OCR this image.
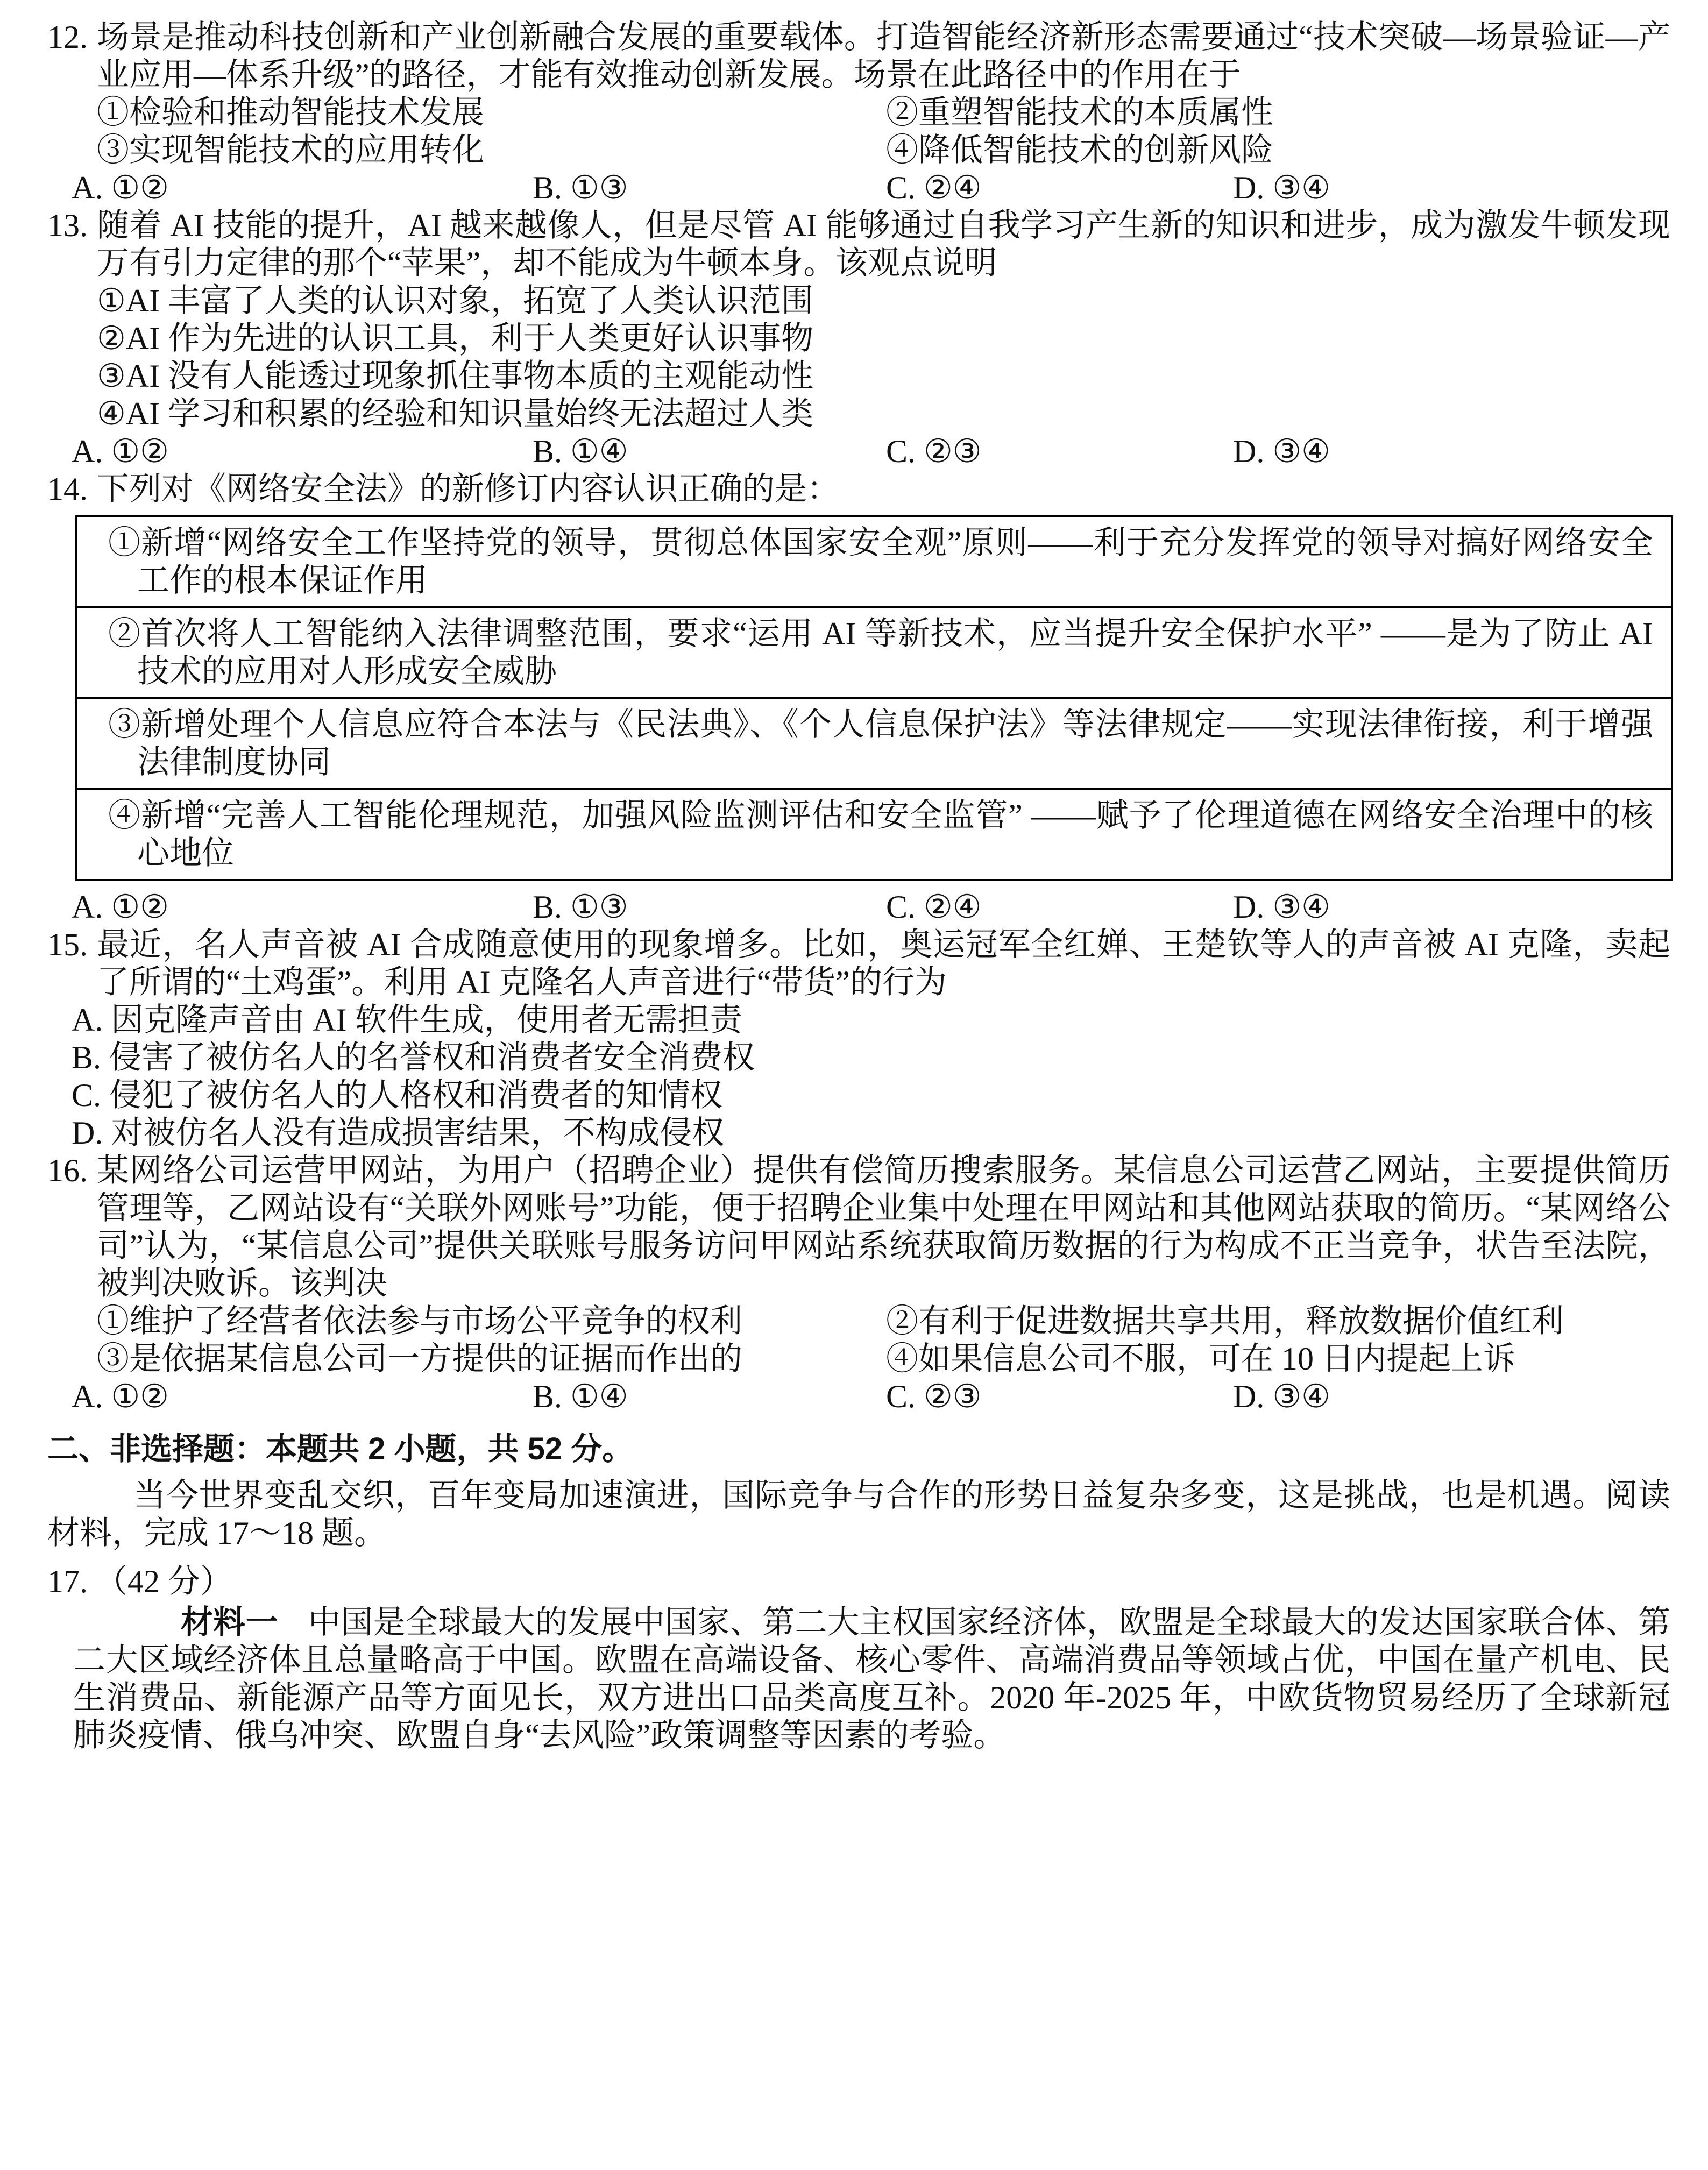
12. 场景是推动科技创新和产业创新融合发展的重要载体。打造智能经济新形态需要通过“技术突破—场景验证—产业应用—体系升级”的路径，才能有效推动创新发展。场景在此路径中的作用在于

①检验和推动智能技术发展	②重塑智能技术的本质属性
③实现智能技术的应用转化	④降低智能技术的创新风险
A. ①②	B. ①③	C. ②④	D. ③④
13. 随着 AI 技能的提升，AI 越来越像人，但是尽管 AI 能够通过自我学习产生新的知识和进步，成为激发牛顿发现万有引力定律的那个“苹果”，却不能成为牛顿本身。该观点说明

①AI 丰富了人类的认识对象，拓宽了人类认识范围
②AI 作为先进的认识工具，利于人类更好认识事物
③AI 没有人能透过现象抓住事物本质的主观能动性
④AI 学习和积累的经验和知识量始终无法超过人类
A. ①②	B. ①④	C. ②③	D. ③④
14. 下列对《网络安全法》的新修订内容认识正确的是：

①新增“网络安全工作坚持党的领导，贯彻总体国家安全观”原则——利于充分发挥党的领导对搞好网络安全工作的根本保证作用
②首次将人工智能纳入法律调整范围，要求“运用 AI 等新技术，应当提升安全保护水平” ——是为了防止 AI 技术的应用对人形成安全威胁
③新增处理个人信息应符合本法与《民法典》、《个人信息保护法》等法律规定——实现法律衔接，利于增强法律制度协同
④新增“完善人工智能伦理规范，加强风险监测评估和安全监管” ——赋予了伦理道德在网络安全治理中的核心地位
A. ①②	B. ①③	C. ②④	D. ③④
15. 最近，名人声音被 AI 合成随意使用的现象增多。比如，奥运冠军全红婵、王楚钦等人的声音被 AI 克隆，卖起了所谓的“土鸡蛋”。利用 AI 克隆名人声音进行“带货”的行为

A. 因克隆声音由 AI 软件生成，使用者无需担责
B. 侵害了被仿名人的名誉权和消费者安全消费权
C. 侵犯了被仿名人的人格权和消费者的知情权
D. 对被仿名人没有造成损害结果，不构成侵权
16. 某网络公司运营甲网站，为用户（招聘企业）提供有偿简历搜索服务。某信息公司运营乙网站，主要提供简历管理等，乙网站设有“关联外网账号”功能，便于招聘企业集中处理在甲网站和其他网站获取的简历。“某网络公司”认为，“某信息公司”提供关联账号服务访问甲网站系统获取简历数据的行为构成不正当竞争，状告至法院，被判决败诉。该判决

①维护了经营者依法参与市场公平竞争的权利	②有利于促进数据共享共用，释放数据价值红利
③是依据某信息公司一方提供的证据而作出的	④如果信息公司不服，可在 10 日内提起上诉
A. ①②	B. ①④	C. ②③	D. ③④
二、非选择题：本题共 2 小题，共 52 分。

当今世界变乱交织，百年变局加速演进，国际竞争与合作的形势日益复杂多变，这是挑战，也是机遇。阅读材料，完成 17～18 题。

17. （42 分）

材料一 中国是全球最大的发展中国家、第二大主权国家经济体，欧盟是全球最大的发达国家联合体、第二大区域经济体且总量略高于中国。欧盟在高端设备、核心零件、高端消费品等领域占优，中国在量产机电、民生消费品、新能源产品等方面见长，双方进出口品类高度互补。2020 年-2025 年，中欧货物贸易经历了全球新冠肺炎疫情、俄乌冲突、欧盟自身“去风险”政策调整等因素的考验。
